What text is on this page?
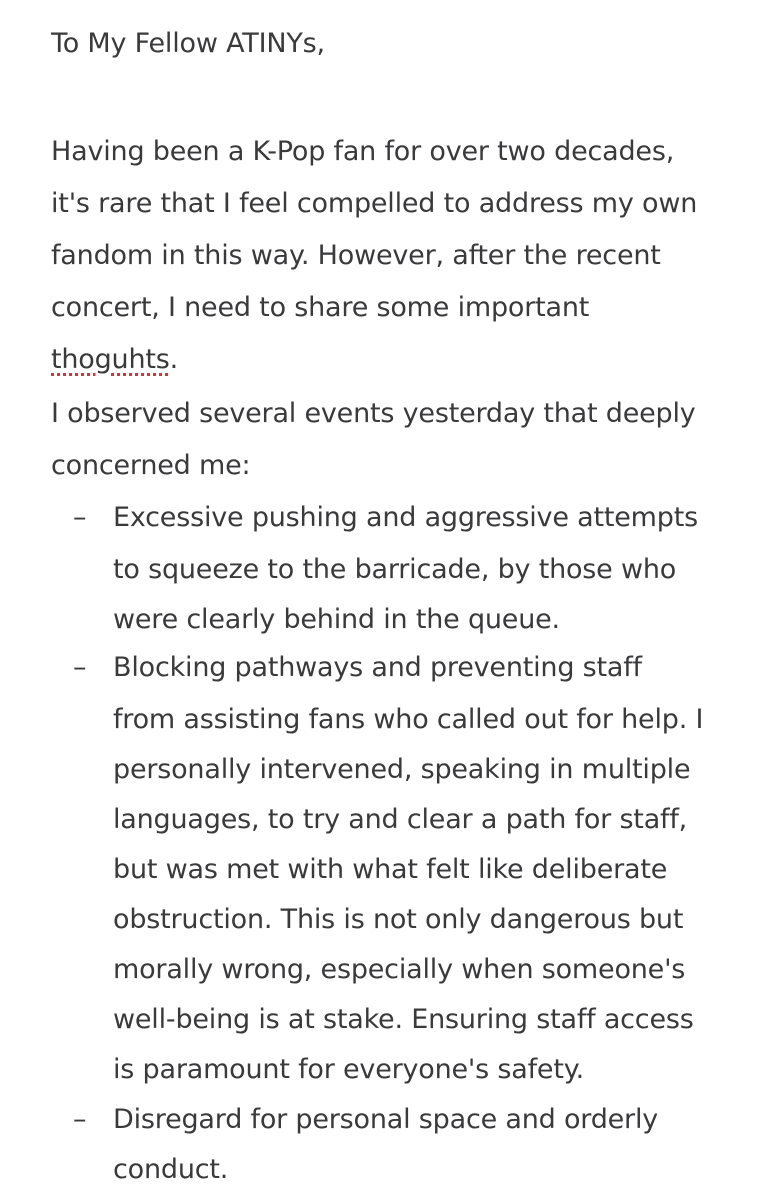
To My Fellow ATINYs,
Having been a K-Pop fan for over two decades,
it's rare that I feel compelled to address my own
fandom in this way. However, after the recent
concert, I need to share some important
thoguhts.
I observed several events yesterday that deeply
concerned me:
– Excessive pushing and aggressive attempts
to squeeze to the barricade, by those who
were clearly behind in the queue.
– Blocking pathways and preventing staff
from assisting fans who called out for help. I
personally intervened, speaking in multiple
languages, to try and clear a path for staff,
but was met with what felt like deliberate
obstruction. This is not only dangerous but
morally wrong, especially when someone's
well-being is at stake. Ensuring staff access
is paramount for everyone's safety.
– Disregard for personal space and orderly
conduct.
